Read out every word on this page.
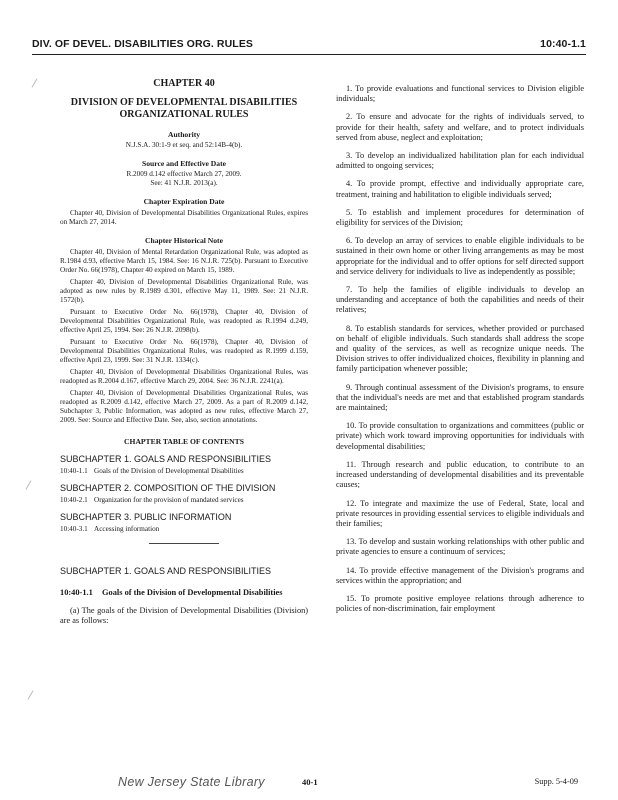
DIV. OF DEVEL. DISABILITIES ORG. RULES	10:40-1.1
CHAPTER 40
DIVISION OF DEVELOPMENTAL DISABILITIES ORGANIZATIONAL RULES
Authority

N.J.S.A. 30:1-9 et seq. and 52:14B-4(b).

Source and Effective Date

R.2009 d.142 effective March 27, 2009.

See: 41 N.J.R. 2013(a).

Chapter Expiration Date

Chapter 40, Division of Developmental Disabilities Organizational Rules, expires on March 27, 2014.

Chapter Historical Note

Chapter 40, Division of Mental Retardation Organizational Rule, was adopted as R.1984 d.93, effective March 15, 1984. See: 16 N.J.R. 725(b). Pursuant to Executive Order No. 66(1978), Chapter 40 expired on March 15, 1989.

Chapter 40, Division of Developmental Disabilities Organizational Rule, was adopted as new rules by R.1989 d.301, effective May 11, 1989. See: 21 N.J.R. 1572(b).

Pursuant to Executive Order No. 66(1978), Chapter 40, Division of Developmental Disabilities Organizational Rule, was readopted as R.1994 d.249, effective April 25, 1994. See: 26 N.J.R. 2098(b).

Pursuant to Executive Order No. 66(1978), Chapter 40, Division of Developmental Disabilities Organizational Rules, was readopted as R.1999 d.159, effective April 23, 1999. See: 31 N.J.R. 1334(c).

Chapter 40, Division of Developmental Disabilities Organizational Rules, was readopted as R.2004 d.167, effective March 29, 2004. See: 36 N.J.R. 2241(a).

Chapter 40, Division of Developmental Disabilities Organizational Rules, was readopted as R.2009 d.142, effective March 27, 2009. As a part of R.2009 d.142, Subchapter 3, Public Information, was adopted as new rules, effective March 27, 2009. See: Source and Effective Date. See, also, section annotations.

CHAPTER TABLE OF CONTENTS
SUBCHAPTER 1. GOALS AND RESPONSIBILITIES
10:40-1.1 Goals of the Division of Developmental Disabilities
SUBCHAPTER 2. COMPOSITION OF THE DIVISION
10:40-2.1 Organization for the provision of mandated services
SUBCHAPTER 3. PUBLIC INFORMATION
10:40-3.1 Accessing information
SUBCHAPTER 1. GOALS AND RESPONSIBILITIES
10:40-1.1	Goals of the Division of Developmental Disabilities
(a) The goals of the Division of Developmental Disabilities (Division) are as follows:
1. To provide evaluations and functional services to Division eligible individuals;
2. To ensure and advocate for the rights of individuals served, to provide for their health, safety and welfare, and to protect individuals served from abuse, neglect and exploitation;
3. To develop an individualized habilitation plan for each individual admitted to ongoing services;
4. To provide prompt, effective and individually appropriate care, treatment, training and habilitation to eligible individuals served;
5. To establish and implement procedures for determination of eligibility for services of the Division;
6. To develop an array of services to enable eligible individuals to be sustained in their own home or other living arrangements as may be most appropriate for the individual and to offer options for self directed support and service delivery for individuals to live as independently as possible;
7. To help the families of eligible individuals to develop an understanding and acceptance of both the capabilities and needs of their relatives;
8. To establish standards for services, whether provided or purchased on behalf of eligible individuals. Such standards shall address the scope and quality of the services, as well as recognize unique needs. The Division strives to offer individualized choices, flexibility in planning and family participation whenever possible;
9. Through continual assessment of the Division's programs, to ensure that the individual's needs are met and that established program standards are maintained;
10. To provide consultation to organizations and committees (public or private) which work toward improving opportunities for individuals with developmental disabilities;
11. Through research and public education, to contribute to an increased understanding of developmental disabilities and its preventable causes;
12. To integrate and maximize the use of Federal, State, local and private resources in providing essential services to eligible individuals and their families;
13. To develop and sustain working relationships with other public and private agencies to ensure a continuum of services;
14. To provide effective management of the Division's programs and services within the appropriation; and
15. To promote positive employee relations through adherence to policies of non-discrimination, fair employment
New Jersey State Library	40-1	Supp. 5-4-09
